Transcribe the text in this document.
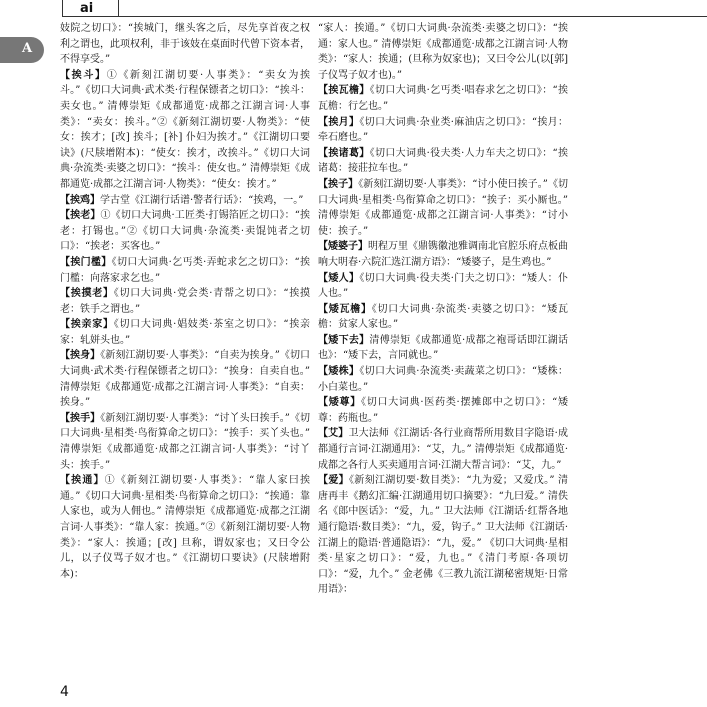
ai
A

妓院之切口》：“挨城门，继头客之后，尽先享首夜之权利之谓也，此项权利，非于该妓在桌面时代曾下资本者，不得享受。”

【挨斗】①《新刻江湖切要·人事类》：“卖女为挨斗。”《切口大词典·武术类·行程保镖者之切口》：“挨斗：卖女也。” 清傅崇矩《成都通览·成都之江湖言词·人事类》：“卖女：挨斗。”②《新刻江湖切要·人物类》：“使女：挨才；[改] 挨斗；[补] 仆妇为挨才。”《江湖切口要诀》(尺牍增附本)：“使女：挨才，改挨斗。”《切口大词典·杂流类·卖婆之切口》：“挨斗：使女也。” 清傅崇矩《成都通览·成都之江湖言词·人物类》：“使女：挨才。”

【挨鸡】学古堂《江湖行话谱·警者行话》：“挨鸡，一。”

【挨老】①《切口大词典·工匠类·打锡箔匠之切口》：“挨老：打锡也。”②《切口大词典·杂流类·卖馄饨者之切口》：“挨老：买客也。”

【挨门檻】《切口大词典·乞丐类·弄蛇求乞之切口》：“挨门檻：向落家求乞也。”

【挨摸老】《切口大词典·党会类·青帮之切口》：“挨摸老：铁手之谓也。”

【挨亲家】《切口大词典·娼妓类·茶室之切口》：“挨亲家：轧姘头也。”

【挨身】《新刻江湖切要·人事类》：“自卖为挨身。”《切口大词典·武术类·行程保镖者之切口》：“挨身：自卖自也。” 清傅崇矩《成都通览·成都之江湖言词·人事类》：“自卖：挨身。”

【挨手】《新刻江湖切要·人事类》：“讨丫头曰挨手。”《切口大词典·星相类·鸟衔算命之切口》：“挨手：买丫头也。” 清傅崇矩《成都通览·成都之江湖言词·人事类》：“讨丫头：挨手。”

【挨通】①《新刻江湖切要·人事类》：“靠人家曰挨通。”《切口大词典·星相类·鸟衔算命之切口》：“挨通：靠人家也，或为人佣也。” 清傅崇矩《成都通览·成都之江湖言词·人事类》：“靠人家：挨通。”②《新刻江湖切要·人物类》：“家人：挨通；[改] 旦称，谓奴家也；又曰令公儿，以子仪骂子奴才也。”《江湖切口要诀》(尺牍增附本)：

“家人：挨通。”《切口大词典·杂流类·卖婆之切口》：“挨通：家人也。” 清傅崇矩《成都通览·成都之江湖言词·人物类》：“家人：挨通；(旦称为奴家也)；又曰令公儿(以[郭]子仪骂子奴才也)。”

【挨瓦檐】《切口大词典·乞丐类·唱春求乞之切口》：“挨瓦檐：行乞也。”

【挨月】《切口大词典·杂业类·麻油店之切口》：“挨月：牵石磨也。”

【挨诸葛】《切口大词典·役夫类·人力车夫之切口》：“挨诸葛：接莊拉车也。”

【挨子】《新刻江湖切要·人事类》：“讨小使曰挨子。”《切口大词典·星相类·鸟衔算命之切口》：“挨子：买小厮也。” 清傅崇矩《成都通览·成都之江湖言词·人事类》：“讨小使：挨子。”

【矮婆子】明程万里《鼎镌徽池雅调南北官腔乐府点板曲响大明春·六院汇选江湖方语》：“矮婆子，是生鸡也。”

【矮人】《切口大词典·役夫类·门夫之切口》：“矮人：仆人也。”

【矮瓦檐】《切口大词典·杂流类·卖婆之切口》：“矮瓦檐：贫家人家也。”

【矮下去】清傅崇矩《成都通览·成都之袍哥话即江湖话也》：“矮下去，言同就也。”

【矮株】《切口大词典·杂流类·卖蔬菜之切口》：“矮株：小白菜也。”

【矮尊】《切口大词典·医药类·摆摊郎中之切口》：“矮尊：药瓶也。”

【艾】卫大法师《江湖话·各行业商帮所用数目字隐语·成都通行言词·江湖通用》：“艾，九。” 清傅崇矩《成都通览·成都之各行人买卖通用言词·江湖大帮言词》：“艾，九。”

【爱】《新刻江湖切要·数目类》：“九为爱；又爱戊。” 清唐再丰《鹅幻汇编·江湖通用切口摘要》：“九曰爱。” 清佚名《郎中医话》：“爱，九。” 卫大法师《江湖话·红帮各地通行隐语·数目类》：“九，爱，钩子。” 卫大法师《江湖话·江湖上的隐语·普通隐语》：“九，爱。” 《切口大词典·星相类·星家之切口》：“爱，九也。”《清门考原·各项切口》：“爱，九个。” 金老佛《三教九流江湖秘密规矩·日常用语》：

4
